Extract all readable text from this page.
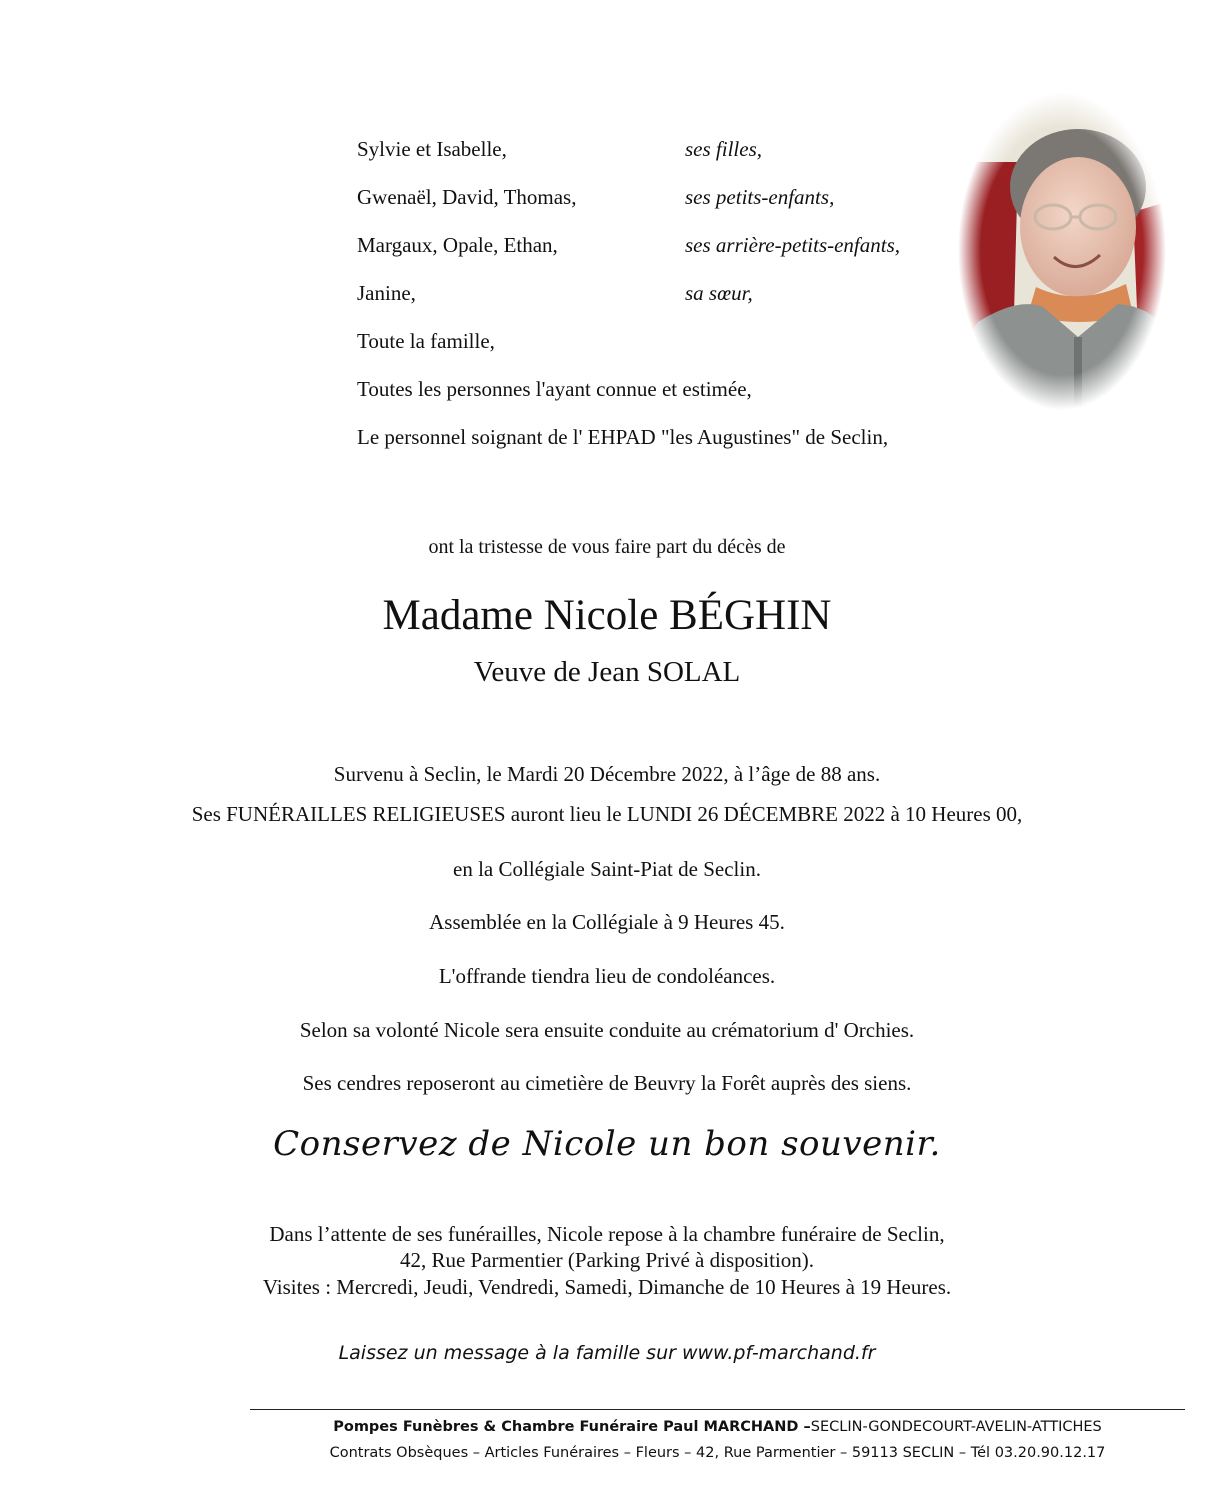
Sylvie et Isabelle,	ses filles,
Gwenaël, David, Thomas,	ses petits-enfants,
Margaux, Opale, Ethan,	ses arrière-petits-enfants,
Janine,	sa sœur,
Toute la famille,
Toutes les personnes l'ayant connue et estimée,
Le personnel soignant de l' EHPAD "les Augustines" de Seclin,
ont la tristesse de vous faire part du décès de
Madame Nicole BÉGHIN
Veuve de Jean SOLAL
Survenu à Seclin, le Mardi 20 Décembre 2022, à l’âge de 88 ans.
Ses FUNÉRAILLES RELIGIEUSES auront lieu le LUNDI 26 DÉCEMBRE 2022 à 10 Heures 00,
en la Collégiale Saint-Piat de Seclin.
Assemblée en la Collégiale à 9 Heures 45.
L'offrande tiendra lieu de condoléances.
Selon sa volonté Nicole sera ensuite conduite au crématorium d' Orchies.
Ses cendres reposeront au cimetière de Beuvry la Forêt auprès des siens.
Conservez de Nicole un bon souvenir.
Dans l’attente de ses funérailles, Nicole repose à la chambre funéraire de Seclin,
42, Rue Parmentier (Parking Privé à disposition).
Visites : Mercredi, Jeudi, Vendredi, Samedi, Dimanche de 10 Heures à 19 Heures.
Laissez un message à la famille sur www.pf-marchand.fr
Pompes Funèbres & Chambre Funéraire Paul MARCHAND –SECLIN-GONDECOURT-AVELIN-ATTICHES
Contrats Obsèques – Articles Funéraires – Fleurs – 42, Rue Parmentier – 59113 SECLIN – Tél 03.20.90.12.17
